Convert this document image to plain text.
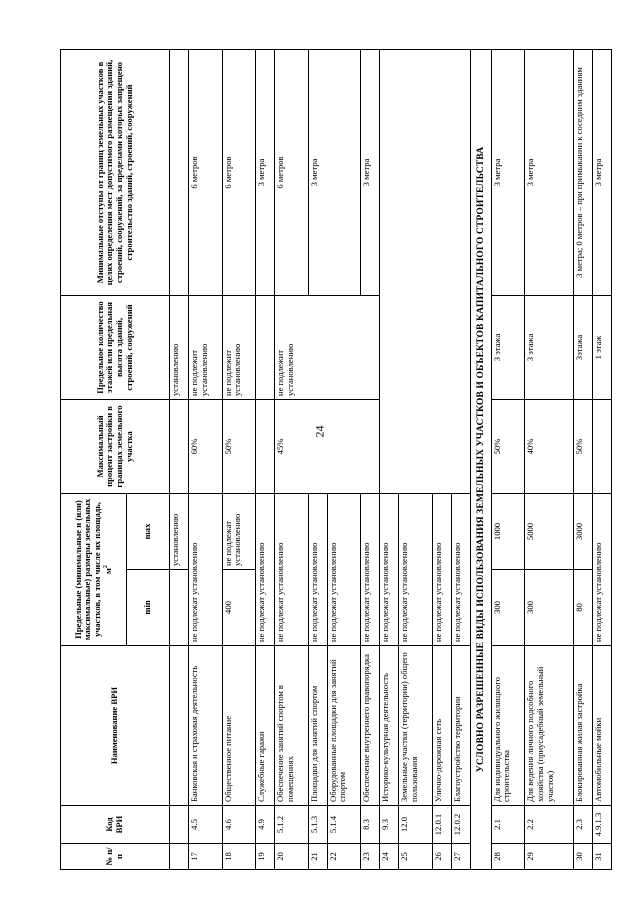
24
№ п/п	Код ВРИ	Наименование ВРИ	Предельные (минимальные и (или) максимальные) размеры земельных участков, в том числе их площадь, $м^2$		Максимальный процент застройки в границах земельного участка	Предельное количество этажей или предельная высота зданий, строений, сооружений	Минимальные отступы от границ земельных участков в целях определения мест допустимого размещения зданий, строений, сооружений, за пределами которых запрещено строительство зданий, строений, сооружений
			min	max			
				установлению		установлению	
17	4.5	Банковская и страховая деятельность	не подлежат установлению		60%	не подлежит установлению	6 метров
18	4.6	Общественное питание	400	не подлежат установлению	50%	не подлежит установлению	6 метров
19	4.9	Служебные гаражи	не подлежат установлению				3 метра
20	5.1.2	Обеспечение занятий спортом в помещениях	не подлежат установлению		45%	не подлежит установлению	6 метров
21	5.1.3	Площадки для занятий спортом	не подлежат установлению				3 метра
22	5.1.4	Оборудованные площадки для занятий спортом	не подлежат установлению				
23	8.3	Обеспечение внутреннего правопорядка	не подлежат установлению				3 метра
24	9.3	Историко-культурная деятельность	не подлежат установлению				
25	12.0	Земельные участки (территории) общего пользования	не подлежат установлению				
26	12.0.1	Улично-дорожная сеть	не подлежат установлению				
27	12.0.2	Благоустройство территории	не подлежат установлению				
УСЛОВНО РАЗРЕШЕННЫЕ ВИДЫ ИСПОЛЬЗОВАНИЯ ЗЕМЕЛЬНЫХ УЧАСТКОВ И ОБЪЕКТОВ КАПИТАЛЬНОГО СТРОИТЕЛЬСТВА							
28	2.1	Для индивидуального жилищного строительства	300	1000	50%	3 этажа	3 метра
29	2.2	Для ведения личного подсобного хозяйства (приусадебный земельный участок)	300	5000	40%	3 этажа	3 метра
30	2.3	Блокированная жилая застройка	80	3000	50%	3этажа	3 метра; 0 метров – при примыкании к соседним зданиям
31	4.9.1.3	Автомобильные мойки	не подлежат установлению			1 этаж	3 метра
